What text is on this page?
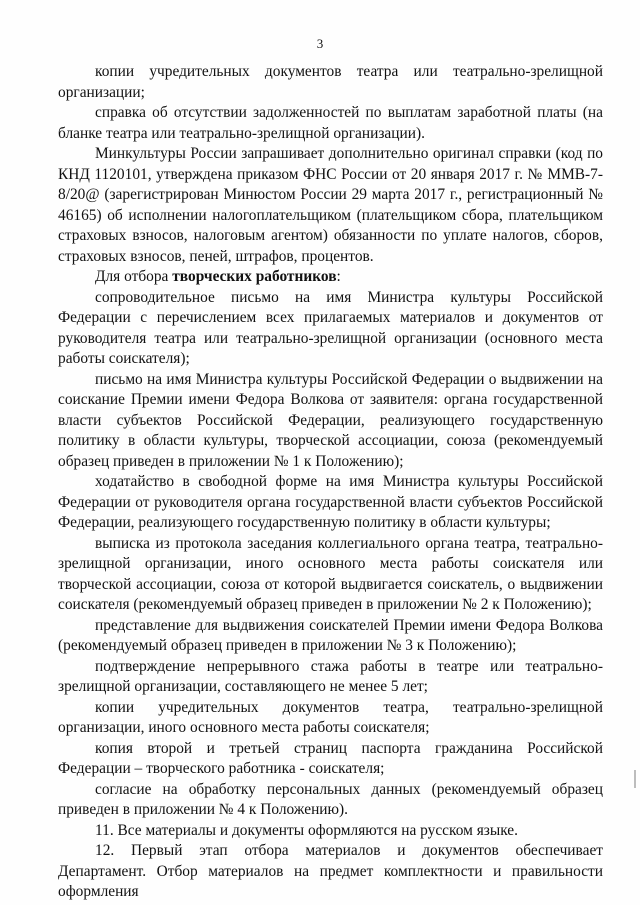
3

копии учредительных документов театра или театрально-зрелищной организации;

справка об отсутствии задолженностей по выплатам заработной платы (на бланке театра или театрально-зрелищной организации).

Минкультуры России запрашивает дополнительно оригинал справки (код по КНД 1120101, утверждена приказом ФНС России от 20 января 2017 г. № ММВ-7-8/20@ (зарегистрирован Минюстом России 29 марта 2017 г., регистрационный № 46165) об исполнении налогоплательщиком (плательщиком сбора, плательщиком страховых взносов, налоговым агентом) обязанности по уплате налогов, сборов, страховых взносов, пеней, штрафов, процентов.

Для отбора творческих работников:

сопроводительное письмо на имя Министра культуры Российской Федерации с перечислением всех прилагаемых материалов и документов от руководителя театра или театрально-зрелищной организации (основного места работы соискателя);

письмо на имя Министра культуры Российской Федерации о выдвижении на соискание Премии имени Федора Волкова от заявителя: органа государственной власти субъектов Российской Федерации, реализующего государственную политику в области культуры, творческой ассоциации, союза (рекомендуемый образец приведен в приложении № 1 к Положению);

ходатайство в свободной форме на имя Министра культуры Российской Федерации от руководителя органа государственной власти субъектов Российской Федерации, реализующего государственную политику в области культуры;

выписка из протокола заседания коллегиального органа театра, театрально-зрелищной организации, иного основного места работы соискателя или творческой ассоциации, союза от которой выдвигается соискатель, о выдвижении соискателя (рекомендуемый образец приведен в приложении № 2 к Положению);

представление для выдвижения соискателей Премии имени Федора Волкова (рекомендуемый образец приведен в приложении № 3 к Положению);

подтверждение непрерывного стажа работы в театре или театрально-зрелищной организации, составляющего не менее 5 лет;

копии учредительных документов театра, театрально-зрелищной организации, иного основного места работы соискателя;

копия второй и третьей страниц паспорта гражданина Российской Федерации – творческого работника - соискателя;

согласие на обработку персональных данных (рекомендуемый образец приведен в приложении № 4 к Положению).

11. Все материалы и документы оформляются на русском языке.

12. Первый этап отбора материалов и документов обеспечивает Департамент. Отбор материалов на предмет комплектности и правильности оформления
